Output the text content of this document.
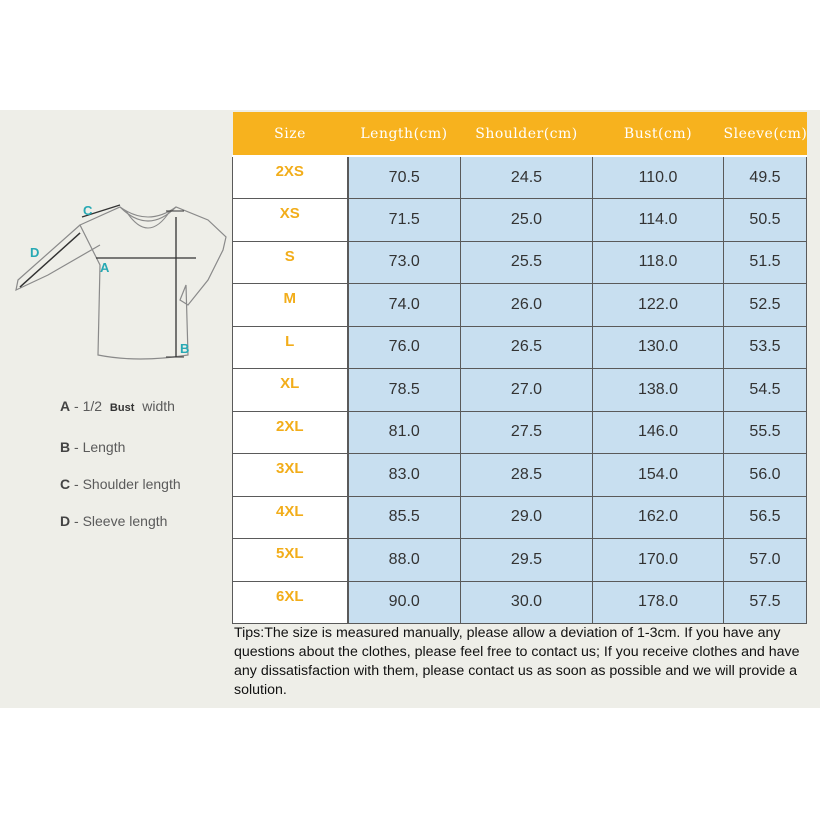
C
D
A
B
A - 1/2 Bust width
B - Length
C - Shoulder length
D - Sleeve length
Size	Length(cm)	Shoulder(cm)	Bust(cm)	Sleeve(cm)
2XS	70.5	24.5	110.0	49.5
XS	71.5	25.0	114.0	50.5
S	73.0	25.5	118.0	51.5
M	74.0	26.0	122.0	52.5
L	76.0	26.5	130.0	53.5
XL	78.5	27.0	138.0	54.5
2XL	81.0	27.5	146.0	55.5
3XL	83.0	28.5	154.0	56.0
4XL	85.5	29.0	162.0	56.5
5XL	88.0	29.5	170.0	57.0
6XL	90.0	30.0	178.0	57.5
Tips:The size is measured manually, please allow a deviation of 1-3cm. If you have any questions about the clothes, please feel free to contact us; If you receive clothes and have any dissatisfaction with them, please contact us as soon as possible and we will provide a solution.
